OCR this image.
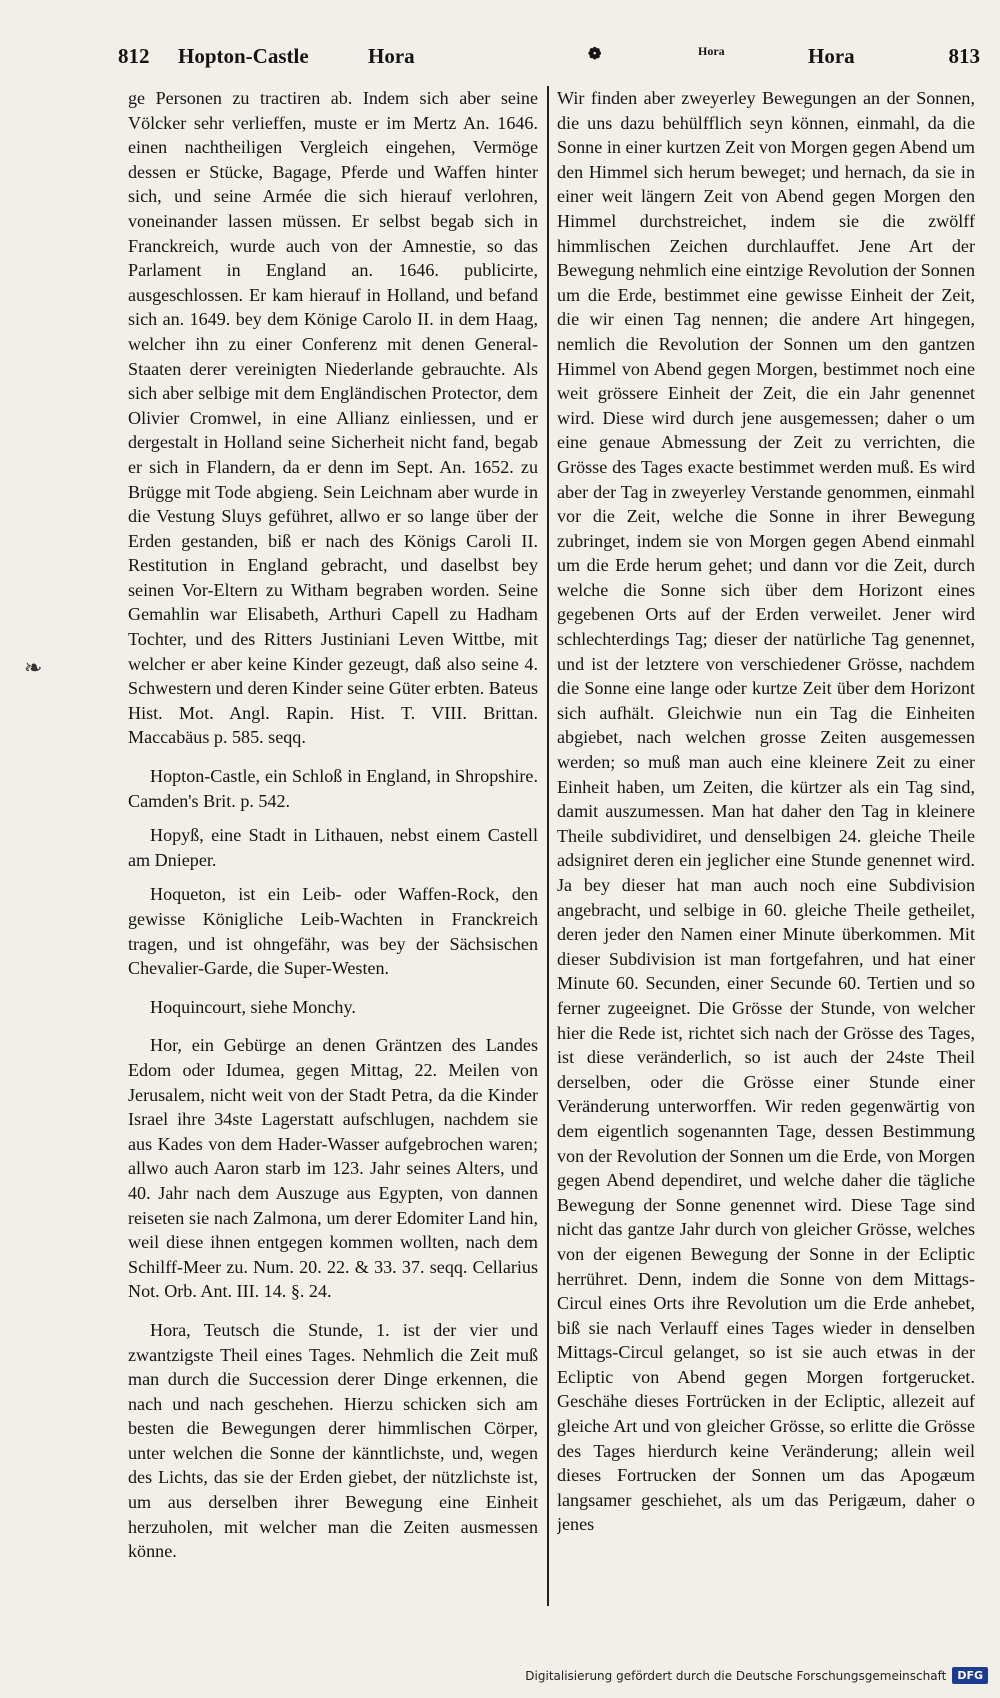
812 Hopton-Castle	Hora	❁	Hora	Hora	813
❧

ge Personen zu tractiren ab. Indem sich aber seine Völcker sehr verlieffen, muste er im Mertz An. 1646. einen nachtheiligen Vergleich eingehen, Vermöge dessen er Stücke, Bagage, Pferde und Waffen hinter sich, und seine Armée die sich hierauf verlohren, voneinander lassen müssen. Er selbst begab sich in Franckreich, wurde auch von der Amnestie, so das Parlament in England an. 1646. publicirte, ausgeschlossen. Er kam hierauf in Holland, und befand sich an. 1649. bey dem Könige Carolo II. in dem Haag, welcher ihn zu einer Conferenz mit denen General-Staaten derer vereinigten Niederlande gebrauchte. Als sich aber selbige mit dem Engländischen Protector, dem Olivier Cromwel, in eine Allianz einliessen, und er dergestalt in Holland seine Sicherheit nicht fand, begab er sich in Flandern, da er denn im Sept. An. 1652. zu Brügge mit Tode abgieng. Sein Leichnam aber wurde in die Vestung Sluys geführet, allwo er so lange über der Erden gestanden, biß er nach des Königs Caroli II. Restitution in England gebracht, und daselbst bey seinen Vor-Eltern zu Witham begraben worden. Seine Gemahlin war Elisabeth, Arthuri Capell zu Hadham Tochter, und des Ritters Justiniani Leven Wittbe, mit welcher er aber keine Kinder gezeugt, daß also seine 4. Schwestern und deren Kinder seine Güter erbten. Bateus Hist. Mot. Angl. Rapin. Hist. T. VIII. Brittan. Maccabäus p. 585. seqq.

Hopton-Castle, ein Schloß in England, in Shropshire. Camden's Brit. p. 542.

Hopyß, eine Stadt in Lithauen, nebst einem Castell am Dnieper.

Hoqueton, ist ein Leib- oder Waffen-Rock, den gewisse Königliche Leib-Wachten in Franckreich tragen, und ist ohngefähr, was bey der Sächsischen Chevalier-Garde, die Super-Westen.

Hoquincourt, siehe Monchy.

Hor, ein Gebürge an denen Gräntzen des Landes Edom oder Idumea, gegen Mittag, 22. Meilen von Jerusalem, nicht weit von der Stadt Petra, da die Kinder Israel ihre 34ste Lagerstatt aufschlugen, nachdem sie aus Kades von dem Hader-Wasser aufgebrochen waren; allwo auch Aaron starb im 123. Jahr seines Alters, und 40. Jahr nach dem Auszuge aus Egypten, von dannen reiseten sie nach Zalmona, um derer Edomiter Land hin, weil diese ihnen entgegen kommen wollten, nach dem Schilff-Meer zu. Num. 20. 22. & 33. 37. seqq. Cellarius Not. Orb. Ant. III. 14. §. 24.

Hora, Teutsch die Stunde, 1. ist der vier und zwantzigste Theil eines Tages. Nehmlich die Zeit muß man durch die Succession derer Dinge erkennen, die nach und nach geschehen. Hierzu schicken sich am besten die Bewegungen derer himmlischen Cörper, unter welchen die Sonne der känntlichste, und, wegen des Lichts, das sie der Erden giebet, der nützlichste ist, um aus derselben ihrer Bewegung eine Einheit herzuholen, mit welcher man die Zeiten ausmessen könne.

Wir finden aber zweyerley Bewegungen an der Sonnen, die uns dazu behülfflich seyn können, einmahl, da die Sonne in einer kurtzen Zeit von Morgen gegen Abend um den Himmel sich herum beweget; und hernach, da sie in einer weit längern Zeit von Abend gegen Morgen den Himmel durchstreichet, indem sie die zwölff himmlischen Zeichen durchlauffet. Jene Art der Bewegung nehmlich eine eintzige Revolution der Sonnen um die Erde, bestimmet eine gewisse Einheit der Zeit, die wir einen Tag nennen; die andere Art hingegen, nemlich die Revolution der Sonnen um den gantzen Himmel von Abend gegen Morgen, bestimmet noch eine weit grössere Einheit der Zeit, die ein Jahr genennet wird. Diese wird durch jene ausgemessen; daher o um eine genaue Abmessung der Zeit zu verrichten, die Grösse des Tages exacte bestimmet werden muß. Es wird aber der Tag in zweyerley Verstande genommen, einmahl vor die Zeit, welche die Sonne in ihrer Bewegung zubringet, indem sie von Morgen gegen Abend einmahl um die Erde herum gehet; und dann vor die Zeit, durch welche die Sonne sich über dem Horizont eines gegebenen Orts auf der Erden verweilet. Jener wird schlechterdings Tag; dieser der natürliche Tag genennet, und ist der letztere von verschiedener Grösse, nachdem die Sonne eine lange oder kurtze Zeit über dem Horizont sich aufhält. Gleichwie nun ein Tag die Einheiten abgiebet, nach welchen grosse Zeiten ausgemessen werden; so muß man auch eine kleinere Zeit zu einer Einheit haben, um Zeiten, die kürtzer als ein Tag sind, damit auszumessen. Man hat daher den Tag in kleinere Theile subdividiret, und denselbigen 24. gleiche Theile adsigniret deren ein jeglicher eine Stunde genennet wird. Ja bey dieser hat man auch noch eine Subdivision angebracht, und selbige in 60. gleiche Theile getheilet, deren jeder den Namen einer Minute überkommen. Mit dieser Subdivision ist man fortgefahren, und hat einer Minute 60. Secunden, einer Secunde 60. Tertien und so ferner zugeeignet. Die Grösse der Stunde, von welcher hier die Rede ist, richtet sich nach der Grösse des Tages, ist diese veränderlich, so ist auch der 24ste Theil derselben, oder die Grösse einer Stunde einer Veränderung unterworffen. Wir reden gegenwärtig von dem eigentlich sogenannten Tage, dessen Bestimmung von der Revolution der Sonnen um die Erde, von Morgen gegen Abend dependiret, und welche daher die tägliche Bewegung der Sonne genennet wird. Diese Tage sind nicht das gantze Jahr durch von gleicher Grösse, welches von der eigenen Bewegung der Sonne in der Ecliptic herrühret. Denn, indem die Sonne von dem Mittags-Circul eines Orts ihre Revolution um die Erde anhebet, biß sie nach Verlauff eines Tages wieder in denselben Mittags-Circul gelanget, so ist sie auch etwas in der Ecliptic von Abend gegen Morgen fortgerucket. Geschähe dieses Fortrücken in der Ecliptic, allezeit auf gleiche Art und von gleicher Grösse, so erlitte die Grösse des Tages hierdurch keine Veränderung; allein weil dieses Fortrucken der Sonnen um das Apogæum langsamer geschiehet, als um das Perigæum, daher o jenes

Digitalisierung gefördert durch die Deutsche Forschungsgemeinschaft	DFG
